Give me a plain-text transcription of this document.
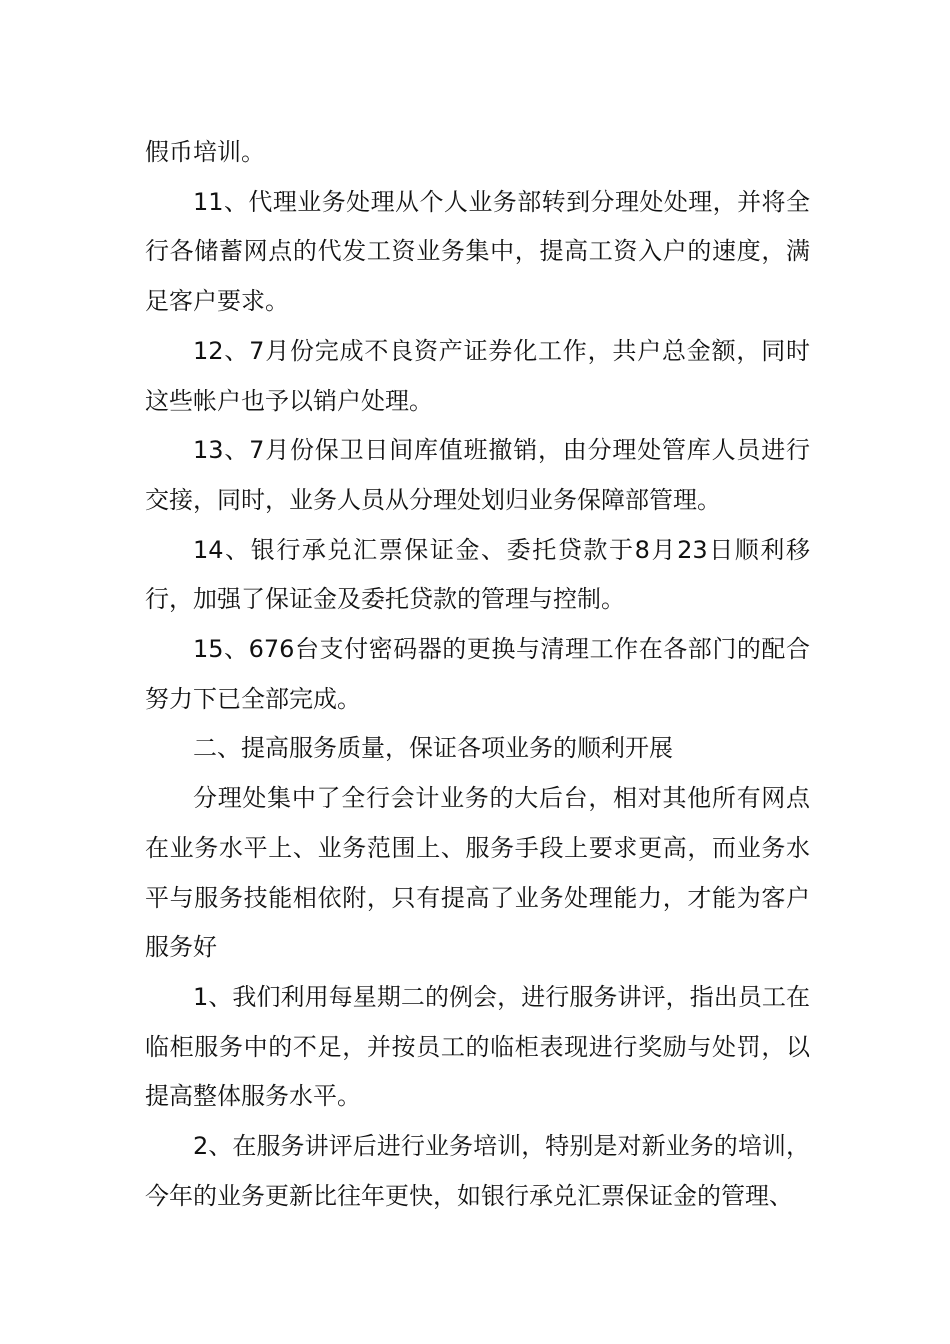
假币培训。

11、代理业务处理从个人业务部转到分理处处理，并将全行各储蓄网点的代发工资业务集中，提高工资入户的速度，满足客户要求。

12、7月份完成不良资产证券化工作，共户总金额，同时这些帐户也予以销户处理。

13、7月份保卫日间库值班撤销，由分理处管库人员进行交接，同时，业务人员从分理处划归业务保障部管理。

14、银行承兑汇票保证金、委托贷款于8月23日顺利移行，加强了保证金及委托贷款的管理与控制。

15、676台支付密码器的更换与清理工作在各部门的配合努力下已全部完成。

二、提高服务质量，保证各项业务的顺利开展

分理处集中了全行会计业务的大后台，相对其他所有网点在业务水平上、业务范围上、服务手段上要求更高，而业务水平与服务技能相依附，只有提高了业务处理能力，才能为客户服务好

1、我们利用每星期二的例会，进行服务讲评，指出员工在临柜服务中的不足，并按员工的临柜表现进行奖励与处罚，以提高整体服务水平。

2、在服务讲评后进行业务培训，特别是对新业务的培训，今年的业务更新比往年更快，如银行承兑汇票保证金的管理、
